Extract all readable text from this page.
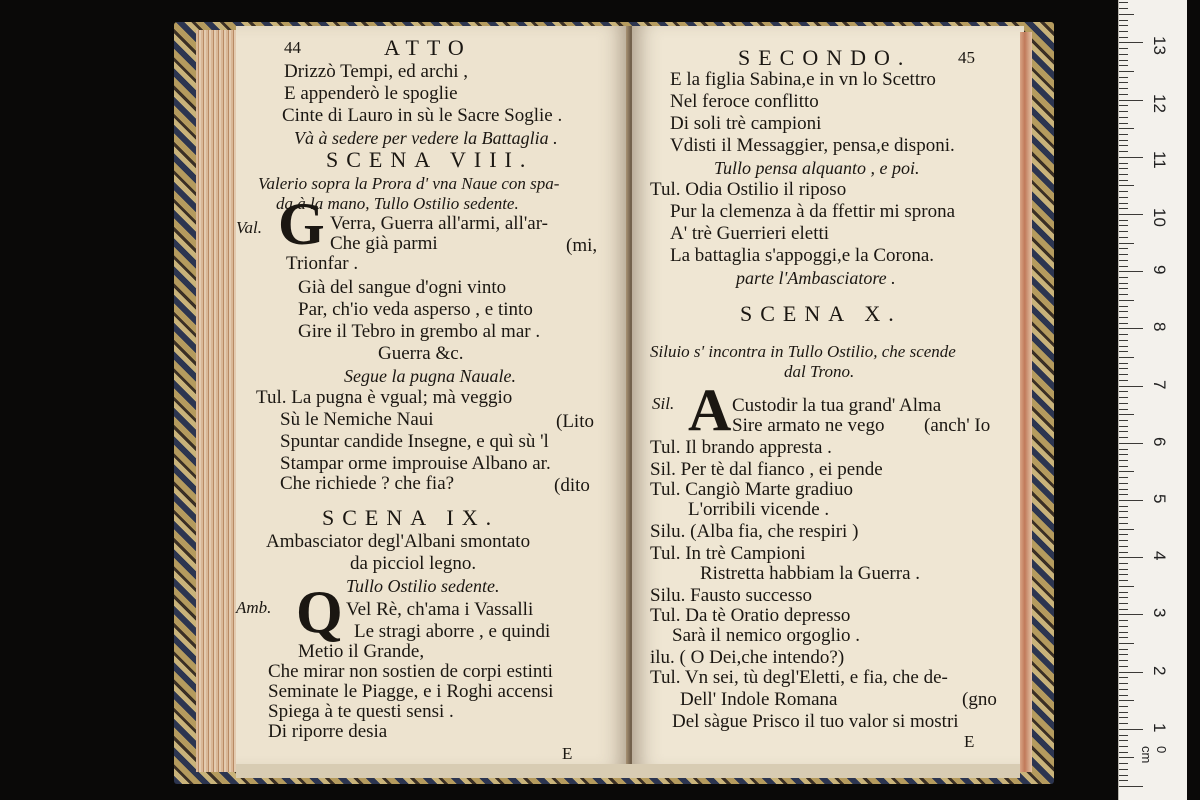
44	ATTO
Drizzò Tempi, ed archi ,
E appenderò le spoglie
Cinte di Lauro in sù le Sacre Soglie .
Và à sedere per vedere la Battaglia .
SCENA VIII.
Valerio sopra la Prora d' vna Naue con spa-
da à la mano, Tullo Ostilio sedente.
Val. G Verra, Guerra all'armi, all'ar-
Che già parmi	(mi,
Trionfar .
Già del sangue d'ogni vinto
Par, ch'io veda asperso , e tinto
Gire il Tebro in grembo al mar .
Guerra &c.
Segue la pugna Nauale.
Tul. La pugna è vgual; mà veggio
Sù le Nemiche Naui	(Lito
Spuntar candide Insegne, e quì sù 'l
Stampar orme improuise Albano ar.
Che richiede ? che fia?	(dito
SCENA IX.
Ambasciator degl'Albani smontato
da picciol legno.
Tullo Ostilio sedente.
Amb. Q Vel Rè, ch'ama i Vassalli
Le stragi aborre , e quindi
Metio il Grande,
Che mirar non sostien de corpi estinti
Seminate le Piagge, e i Roghi accensi
Spiega à te questi sensi .
Di riporre desia
E
SECONDO.	45
E la figlia Sabina,e in vn lo Scettro
Nel feroce conflitto
Di soli trè campioni
Vdisti il Messaggier, pensa,e disponi.
Tullo pensa alquanto , e poi.
Tul. Odia Ostilio il riposo
Pur la clemenza à da ffettir mi sprona
A' trè Guerrieri eletti
La battaglia s'appoggi,e la Corona.
parte l'Ambasciatore .
SCENA X.
Siluio s' incontra in Tullo Ostilio, che scende
dal Trono.
Sil. A Custodir la tua grand' Alma
Sire armato ne vego (anch' Io
Tul. Il brando appresta .
Sil. Per tè dal fianco , ei pende
Tul. Cangiò Marte gradiuo
L'orribili vicende .
Silu. (Alba fia, che respiri )
Tul. In trè Campioni
Ristretta habbiam la Guerra .
Silu. Fausto successo
Tul. Da tè Oratio depresso
Sarà il nemico orgoglio .
ilu. ( O Dei,che intendo?)
Tul. Vn sei, tù degl'Eletti, e fia, che de-
Dell' Indole Romana	(gno
Del sàgue Prisco il tuo valor si mostri
E
1
2
3
4
5
6
7
8
9
10
11
12
13
0 cm
